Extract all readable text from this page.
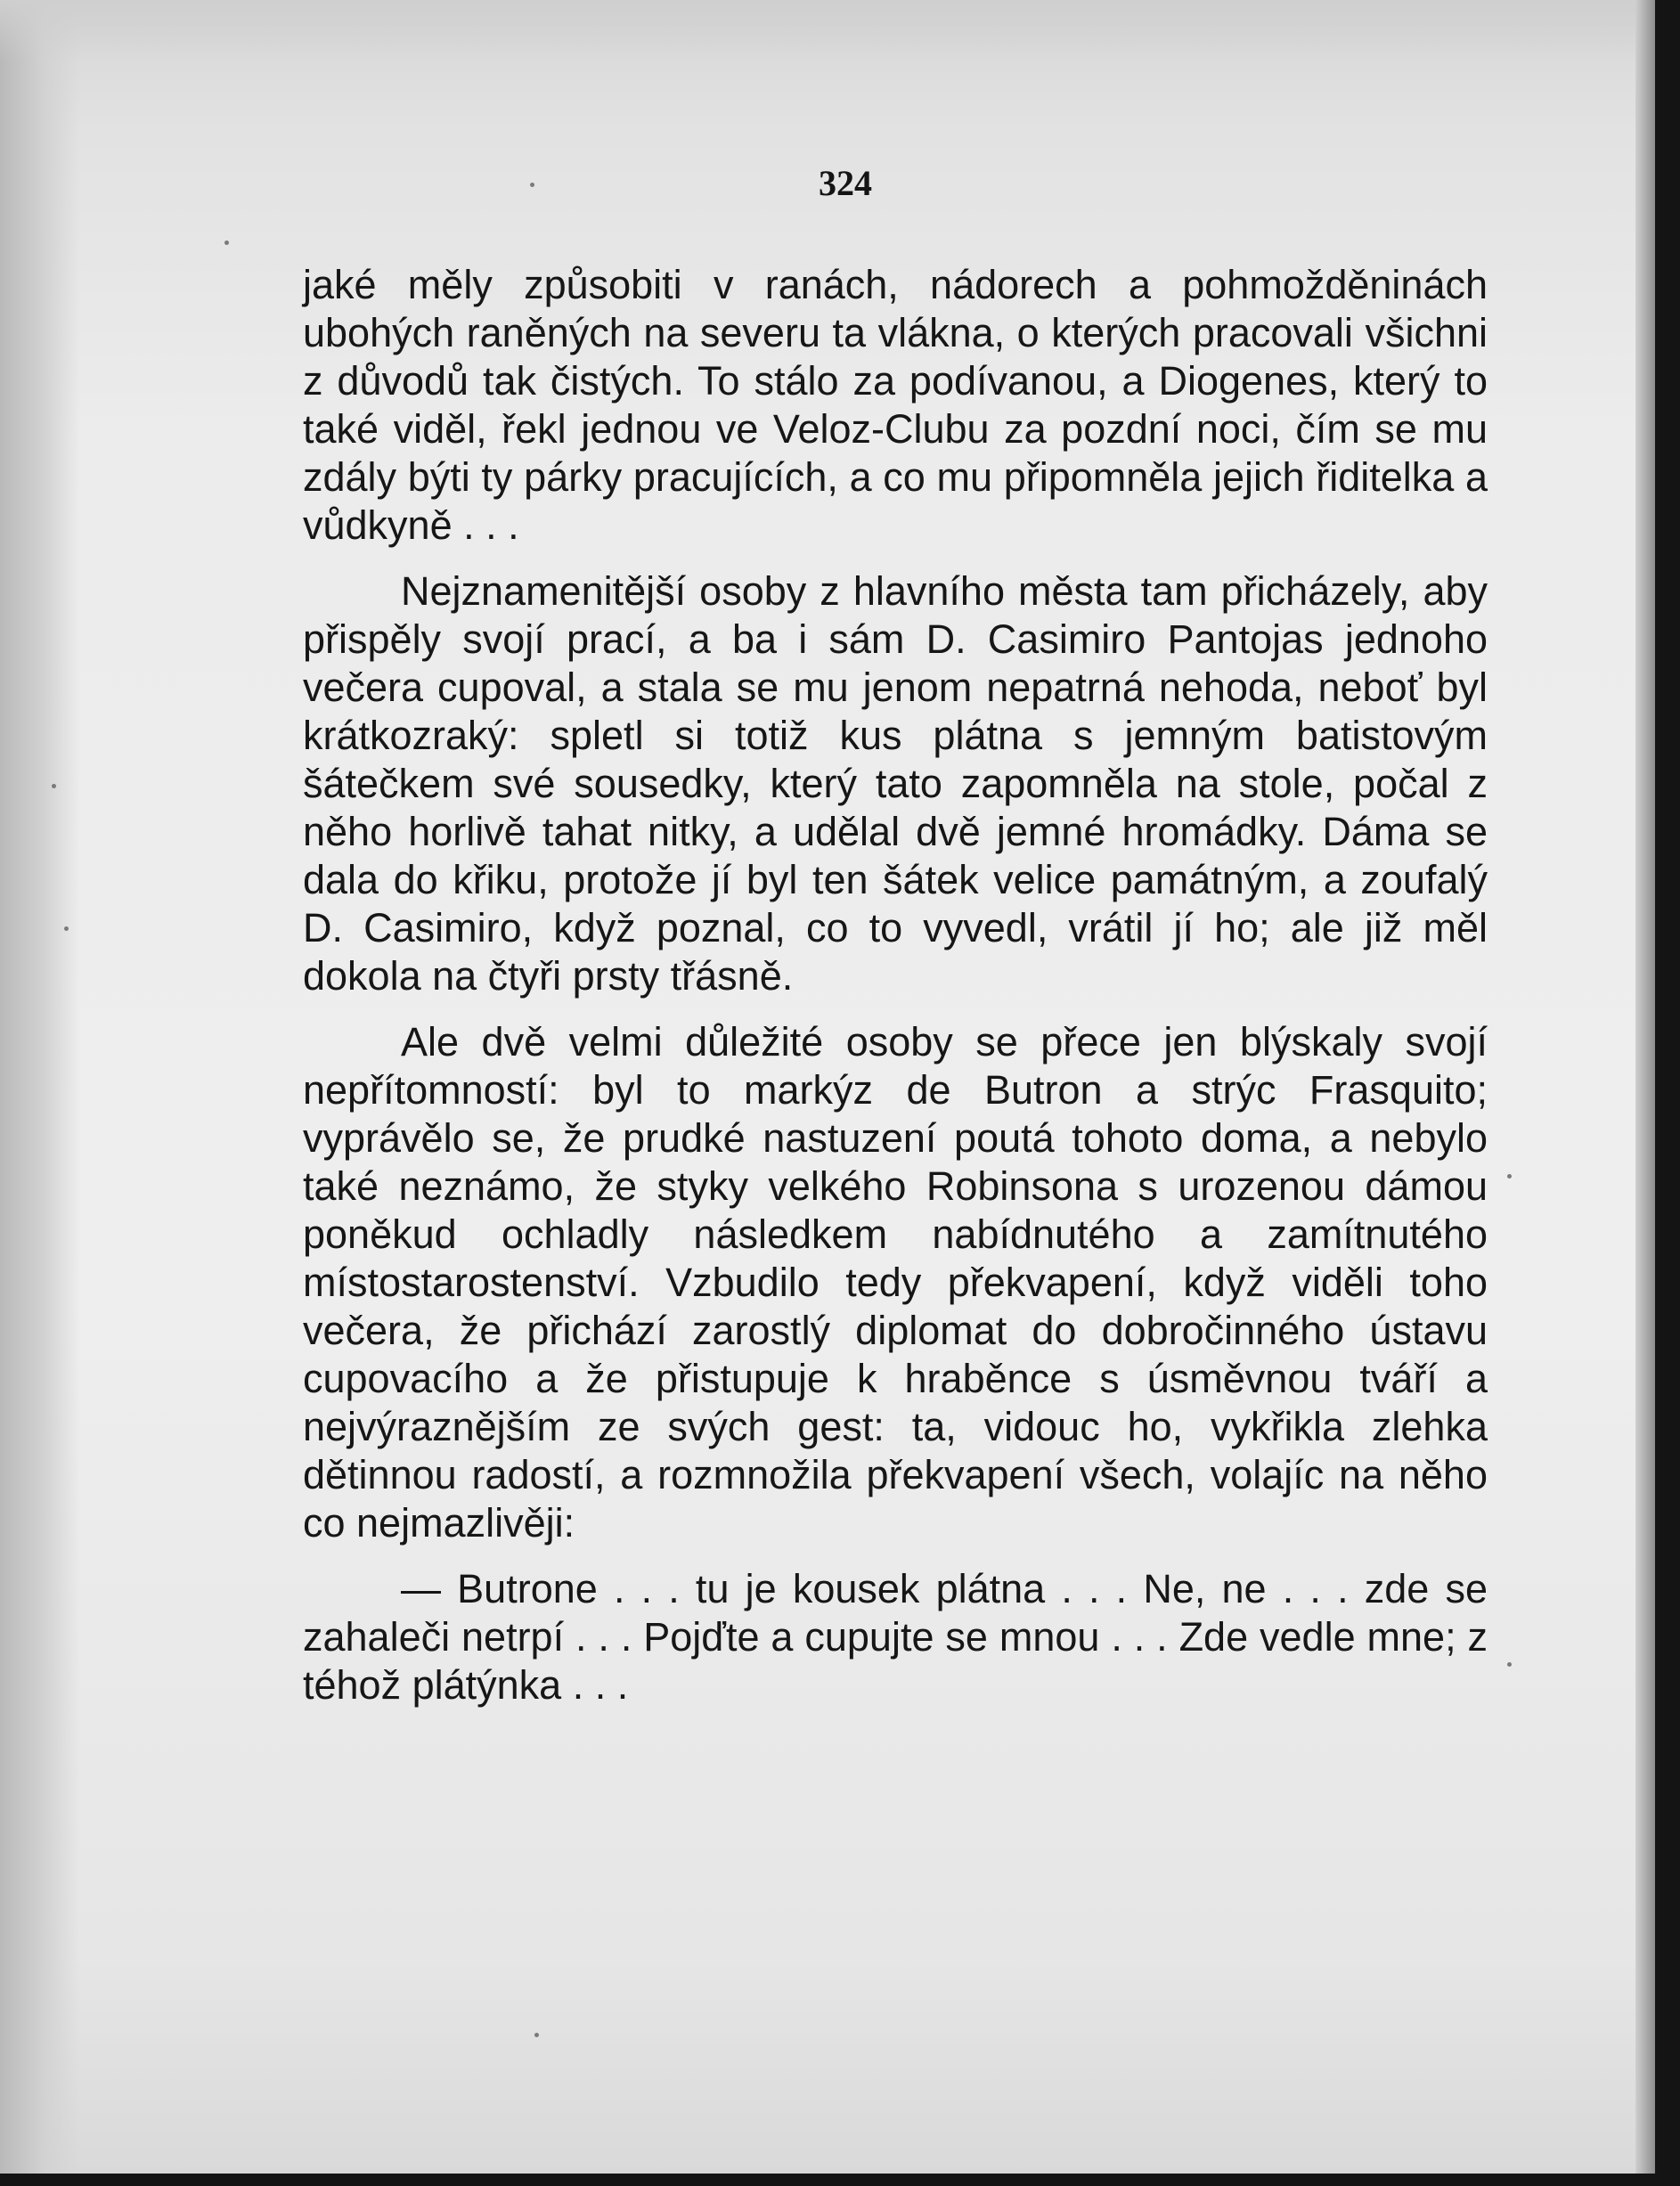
324

jaké měly způsobiti v ranách, nádorech a pohmožděninách ubohých raněných na severu ta vlákna, o kterých pracovali všichni z důvodů tak čistých. To stálo za podívanou, a Diogenes, který to také viděl, řekl jednou ve Veloz-Clubu za pozdní noci, čím se mu zdály býti ty párky pracujících, a co mu připomněla jejich řiditelka a vůdkyně . . .

Nejznamenitější osoby z hlavního města tam přicházely, aby přispěly svojí prací, a ba i sám D. Casimiro Pantojas jednoho večera cupoval, a stala se mu jenom nepatrná nehoda, neboť byl krátkozraký: spletl si totiž kus plátna s jemným batistovým šátečkem své sousedky, který tato zapomněla na stole, počal z něho horlivě tahat nitky, a udělal dvě jemné hromádky. Dáma se dala do křiku, protože jí byl ten šátek velice památným, a zoufalý D. Casimiro, když poznal, co to vyvedl, vrátil jí ho; ale již měl dokola na čtyři prsty třásně.

Ale dvě velmi důležité osoby se přece jen blýskaly svojí nepřítomností: byl to markýz de Butron a strýc Frasquito; vyprávělo se, že prudké nastuzení poutá tohoto doma, a nebylo také neznámo, že styky velkého Robinsona s urozenou dámou poněkud ochladly následkem nabídnutého a zamítnutého místostarostenství. Vzbudilo tedy překvapení, když viděli toho večera, že přichází zarostlý diplomat do dobročinného ústavu cupovacího a že přistupuje k hraběnce s úsměvnou tváří a nejvýraznějším ze svých gest: ta, vidouc ho, vykřikla zlehka dětinnou radostí, a rozmnožila překvapení všech, volajíc na něho co nejmazlivěji:

— Butrone . . . tu je kousek plátna . . . Ne, ne . . . zde se zahaleči netrpí . . . Pojďte a cupujte se mnou . . . Zde vedle mne; z téhož plátýnka . . .
